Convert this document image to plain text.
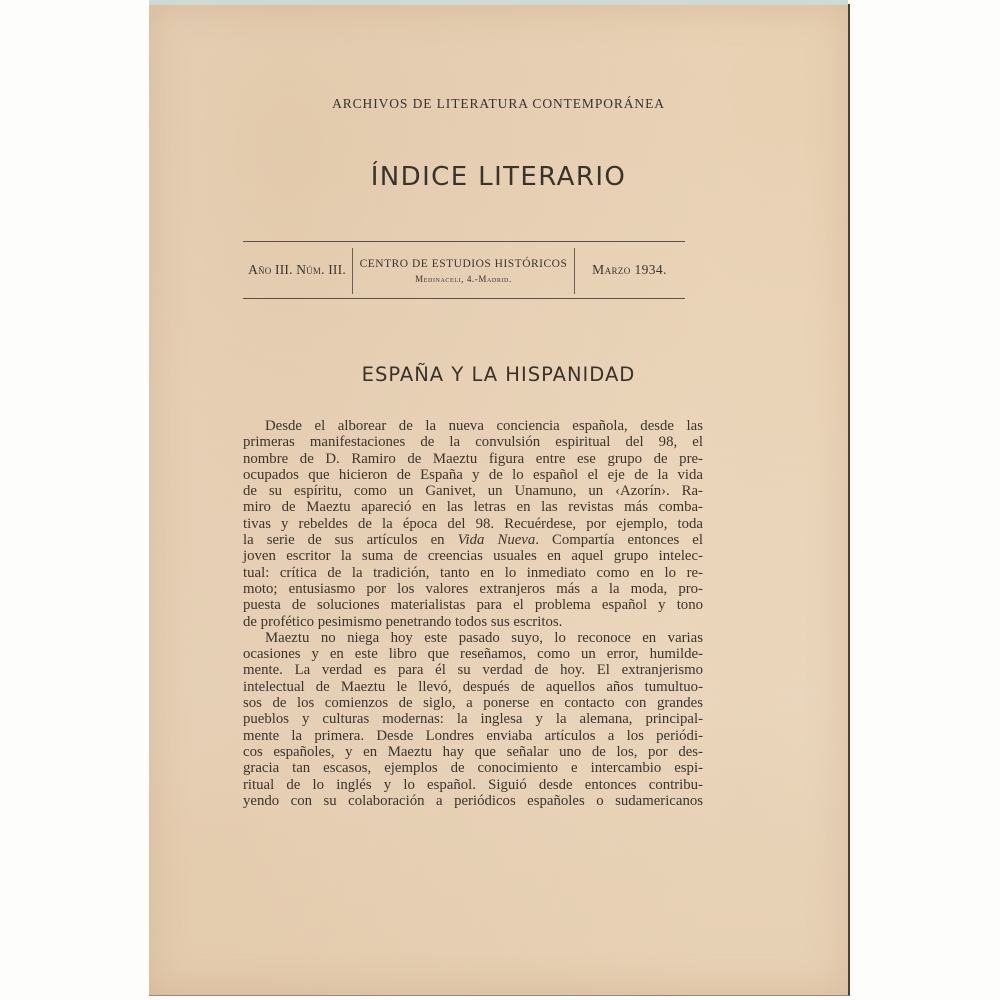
ARCHIVOS DE LITERATURA CONTEMPORÁNEA
ÍNDICE LITERARIO
Año III. Núm. III. CENTRO DE ESTUDIOS HISTÓRICOS
Medinaceli, 4.-Madrid.
Marzo 1934.
ESPAÑA Y LA HISPANIDAD
Desde el alborear de la nueva conciencia española, desde las
primeras manifestaciones de la convulsión espiritual del 98, el
nombre de D. Ramiro de Maeztu figura entre ese grupo de pre-
ocupados que hicieron de España y de lo español el eje de la vida
de su espíritu, como un Ganivet, un Unamuno, un ‹Azorín›. Ra-
miro de Maeztu apareció en las letras en las revistas más comba-
tivas y rebeldes de la época del 98. Recuérdese, por ejemplo, toda
la serie de sus artículos en Vida Nueva. Compartía entonces el
joven escritor la suma de creencias usuales en aquel grupo intelec-
tual: crítica de la tradición, tanto en lo inmediato como en lo re-
moto; entusiasmo por los valores extranjeros más a la moda, pro-
puesta de soluciones materialistas para el problema español y tono
de profético pesimismo penetrando todos sus escritos.
Maeztu no niega hoy este pasado suyo, lo reconoce en varias
ocasiones y en este libro que reseñamos, como un error, humilde-
mente. La verdad es para él su verdad de hoy. El extranjerismo
intelectual de Maeztu le llevó, después de aquellos años tumultuo-
sos de los comienzos de siglo, a ponerse en contacto con grandes
pueblos y culturas modernas: la inglesa y la alemana, principal-
mente la primera. Desde Londres enviaba artículos a los periódi-
cos españoles, y en Maeztu hay que señalar uno de los, por des-
gracia tan escasos, ejemplos de conocimiento e intercambio espi-
ritual de lo inglés y lo español. Siguió desde entonces contribu-
yendo con su colaboración a periódicos españoles o sudamericanos
